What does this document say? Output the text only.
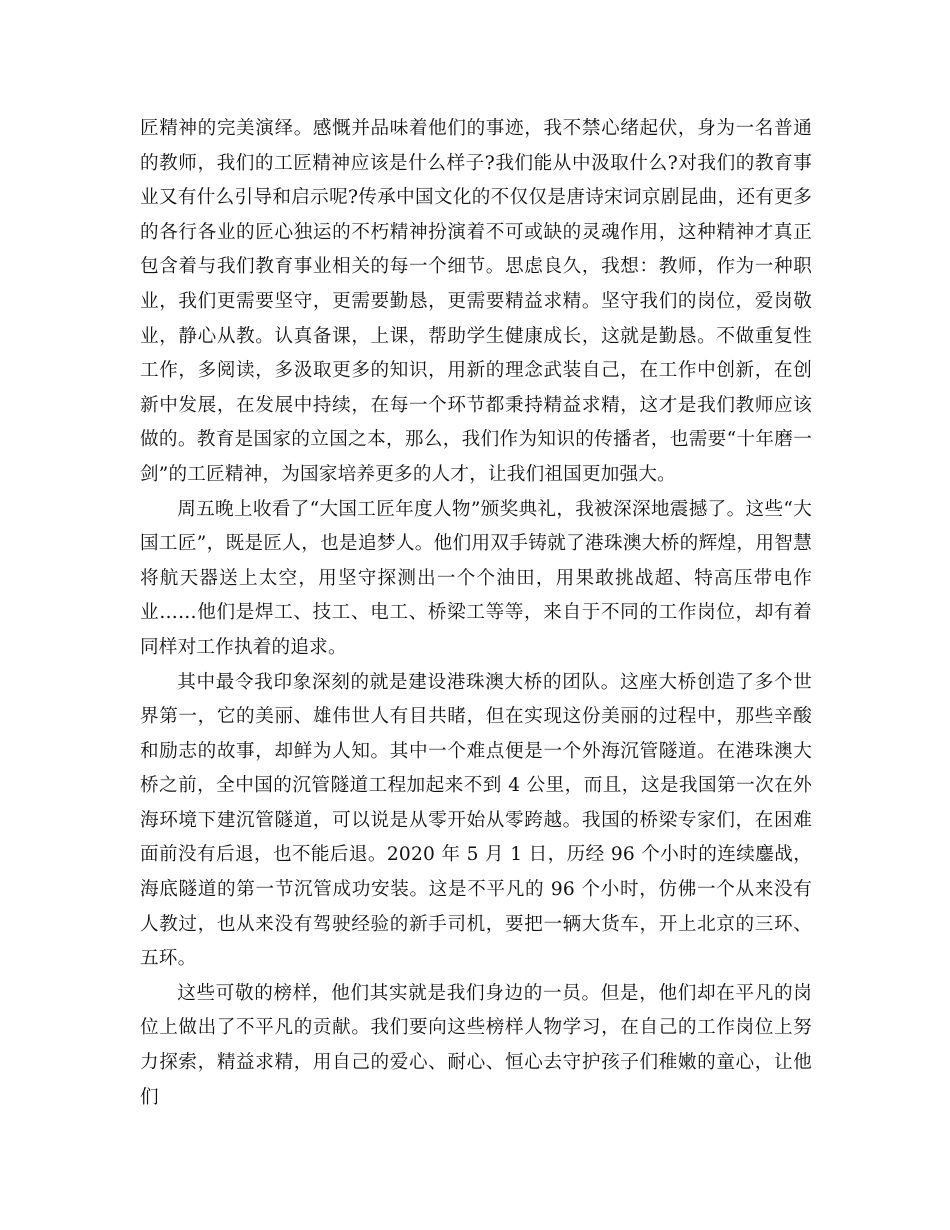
匠精神的完美演绎。感慨并品味着他们的事迹，我不禁心绪起伏，身为一名普通的教师，我们的工匠精神应该是什么样子?我们能从中汲取什么?对我们的教育事业又有什么引导和启示呢?传承中国文化的不仅仅是唐诗宋词京剧昆曲，还有更多的各行各业的匠心独运的不朽精神扮演着不可或缺的灵魂作用，这种精神才真正包含着与我们教育事业相关的每一个细节。思虑良久，我想：教师，作为一种职业，我们更需要坚守，更需要勤恳，更需要精益求精。坚守我们的岗位，爱岗敬业，静心从教。认真备课，上课，帮助学生健康成长，这就是勤恳。不做重复性工作，多阅读，多汲取更多的知识，用新的理念武装自己，在工作中创新，在创新中发展，在发展中持续，在每一个环节都秉持精益求精，这才是我们教师应该做的。教育是国家的立国之本，那么，我们作为知识的传播者，也需要“十年磨一剑”的工匠精神，为国家培养更多的人才，让我们祖国更加强大。

周五晚上收看了“大国工匠年度人物”颁奖典礼，我被深深地震撼了。这些“大国工匠”，既是匠人，也是追梦人。他们用双手铸就了港珠澳大桥的辉煌，用智慧将航天器送上太空，用坚守探测出一个个油田，用果敢挑战超、特高压带电作业……他们是焊工、技工、电工、桥梁工等等，来自于不同的工作岗位，却有着同样对工作执着的追求。

其中最令我印象深刻的就是建设港珠澳大桥的团队。这座大桥创造了多个世界第一，它的美丽、雄伟世人有目共睹，但在实现这份美丽的过程中，那些辛酸和励志的故事，却鲜为人知。其中一个难点便是一个外海沉管隧道。在港珠澳大桥之前，全中国的沉管隧道工程加起来不到 4 公里，而且，这是我国第一次在外海环境下建沉管隧道，可以说是从零开始从零跨越。我国的桥梁专家们，在困难面前没有后退，也不能后退。2020 年 5 月 1 日，历经 96 个小时的连续鏖战，海底隧道的第一节沉管成功安装。这是不平凡的 96 个小时，仿佛一个从来没有人教过，也从来没有驾驶经验的新手司机，要把一辆大货车，开上北京的三环、五环。

这些可敬的榜样，他们其实就是我们身边的一员。但是，他们却在平凡的岗位上做出了不平凡的贡献。我们要向这些榜样人物学习，在自己的工作岗位上努力探索，精益求精，用自己的爱心、耐心、恒心去守护孩子们稚嫩的童心，让他们
